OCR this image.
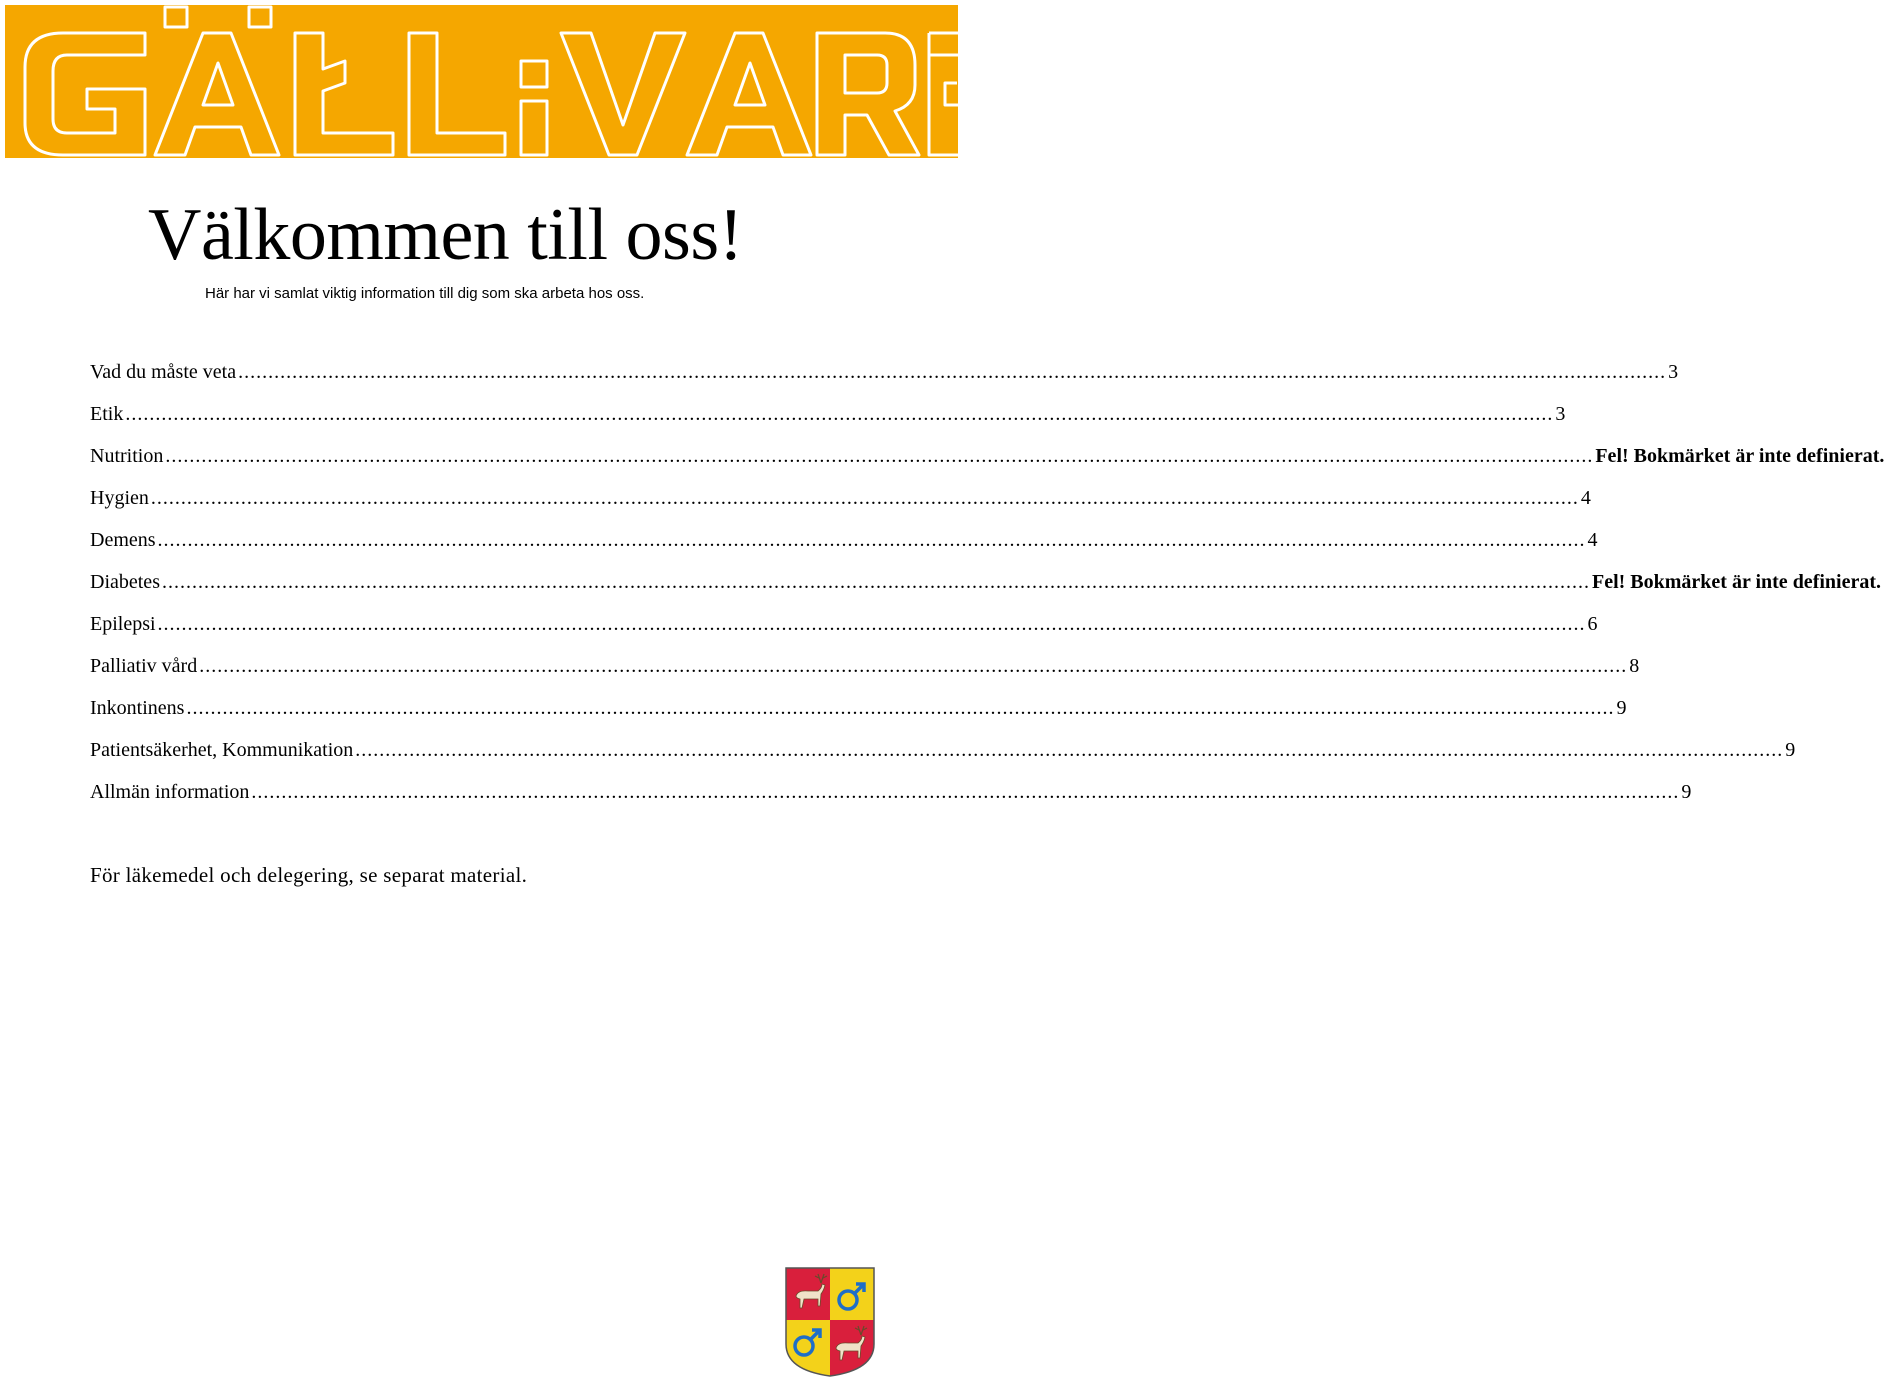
Välkommen till oss!
Här har vi samlat viktig information till dig som ska arbeta hos oss.
Vad du måste veta .............................................................................................................................................................................................................................................. 3
Etik .............................................................................................................................................................................................................................................. 3
Nutrition .............................................................................................................................................................................................................................................. Fel! Bokmärket är inte definierat.
Hygien .............................................................................................................................................................................................................................................. 4
Demens .............................................................................................................................................................................................................................................. 4
Diabetes .............................................................................................................................................................................................................................................. Fel! Bokmärket är inte definierat.
Epilepsi .............................................................................................................................................................................................................................................. 6
Palliativ vård .............................................................................................................................................................................................................................................. 8
Inkontinens .............................................................................................................................................................................................................................................. 9
Patientsäkerhet, Kommunikation .............................................................................................................................................................................................................................................. 9
Allmän information .............................................................................................................................................................................................................................................. 9
För läkemedel och delegering, se separat material.
